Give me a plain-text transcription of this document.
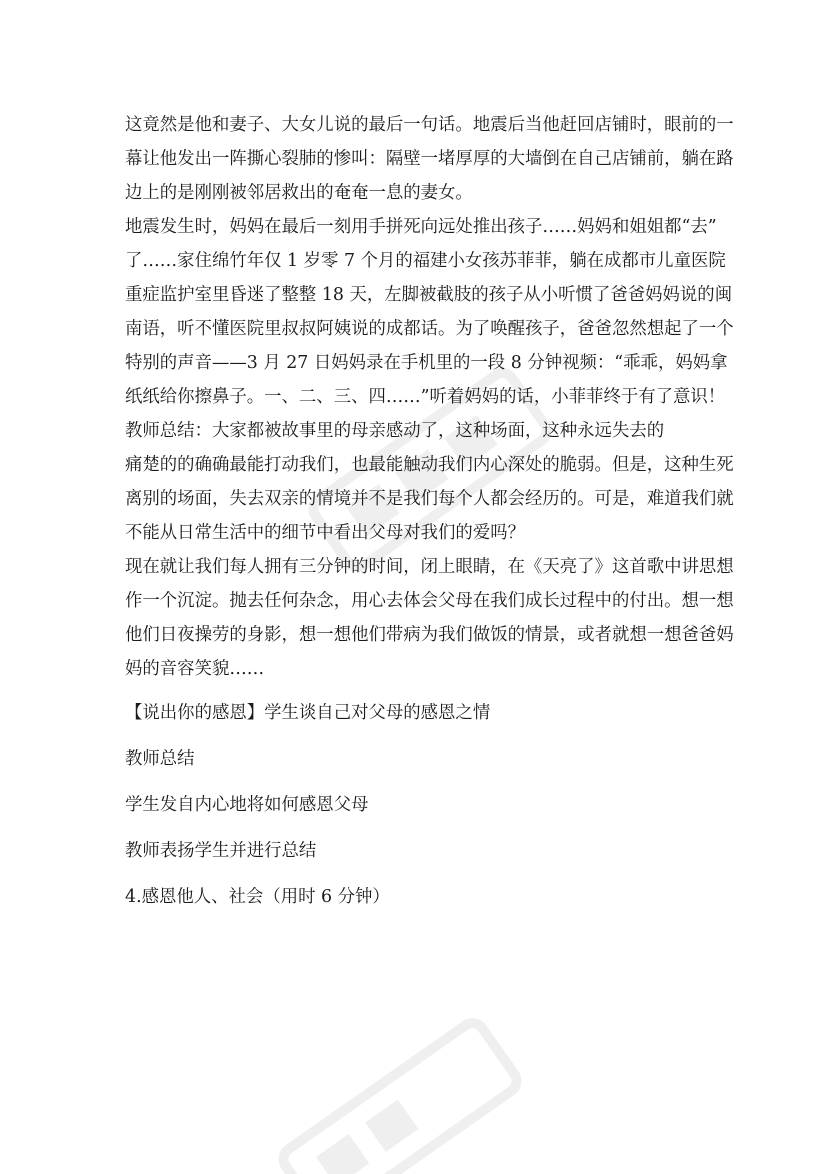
这竟然是他和妻子、大女儿说的最后一句话。地震后当他赶回店铺时，眼前的一
幕让他发出一阵撕心裂肺的惨叫：隔壁一堵厚厚的大墙倒在自己店铺前，躺在路
边上的是刚刚被邻居救出的奄奄一息的妻女。
地震发生时，妈妈在最后一刻用手拼死向远处推出孩子……妈妈和姐姐都“去”
了……家住绵竹年仅 1 岁零 7 个月的福建小女孩苏菲菲，躺在成都市儿童医院
重症监护室里昏迷了整整 18 天，左脚被截肢的孩子从小听惯了爸爸妈妈说的闽
南语，听不懂医院里叔叔阿姨说的成都话。为了唤醒孩子，爸爸忽然想起了一个
特别的声音——3 月 27 日妈妈录在手机里的一段 8 分钟视频：“乖乖，妈妈拿
纸纸给你擦鼻子。一、二、三、四……”听着妈妈的话，小菲菲终于有了意识！
教师总结：大家都被故事里的母亲感动了，这种场面，这种永远失去的
痛楚的的确确最能打动我们，也最能触动我们内心深处的脆弱。但是，这种生死
离别的场面，失去双亲的情境并不是我们每个人都会经历的。可是，难道我们就
不能从日常生活中的细节中看出父母对我们的爱吗？
现在就让我们每人拥有三分钟的时间，闭上眼睛，在《天亮了》这首歌中讲思想
作一个沉淀。抛去任何杂念，用心去体会父母在我们成长过程中的付出。想一想
他们日夜操劳的身影，想一想他们带病为我们做饭的情景，或者就想一想爸爸妈
妈的音容笑貌……
【说出你的感恩】学生谈自己对父母的感恩之情
教师总结
学生发自内心地将如何感恩父母
教师表扬学生并进行总结
4.感恩他人、社会（用时 6 分钟）
